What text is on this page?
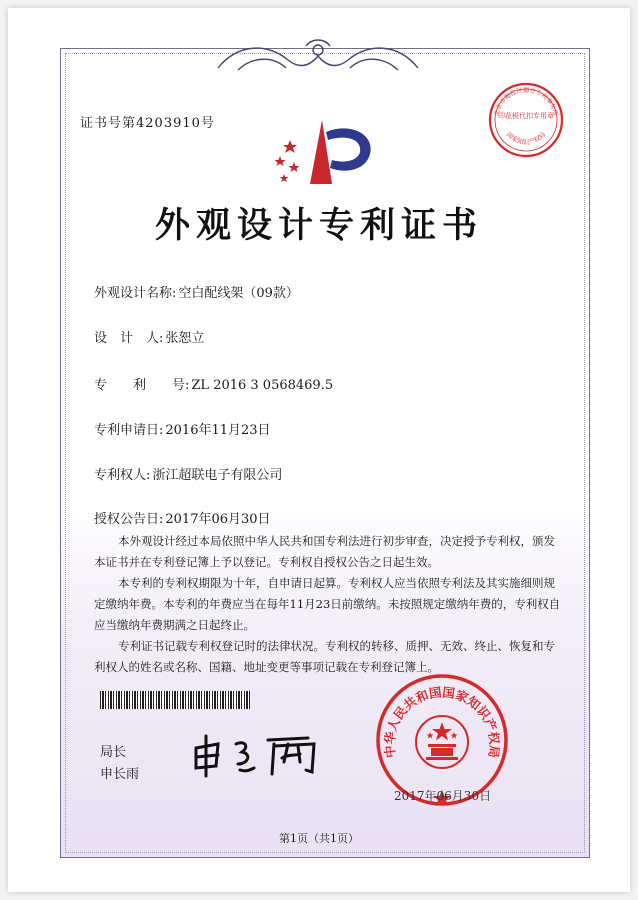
证书号第4203910号
北京市海淀区德方专利事务所
印花税代扣专用章
国家知识产权局
外观设计专利证书
外观设计名称: 空白配线架（09款）
设　计　人: 张恕立
专　　利　　号: ZL 2016 3 0568469.5
专利申请日: 2016年11月23日
专利权人: 浙江超联电子有限公司
授权公告日: 2017年06月30日

本外观设计经过本局依照中华人民共和国专利法进行初步审查，决定授予专利权，颁发本证书并在专利登记簿上予以登记。专利权自授权公告之日起生效。

本专利的专利权期限为十年，自申请日起算。专利权人应当依照专利法及其实施细则规定缴纳年费。本专利的年费应当在每年11月23日前缴纳。未按照规定缴纳年费的，专利权自应当缴纳年费期满之日起终止。

专利证书记载专利权登记时的法律状况。专利权的转移、质押、无效、终止、恢复和专利权人的姓名或名称、国籍、地址变更等事项记载在专利登记簿上。

局长
申长雨
中华人民共和国国家知识产权局
2017年06月30日
第1页（共1页）
